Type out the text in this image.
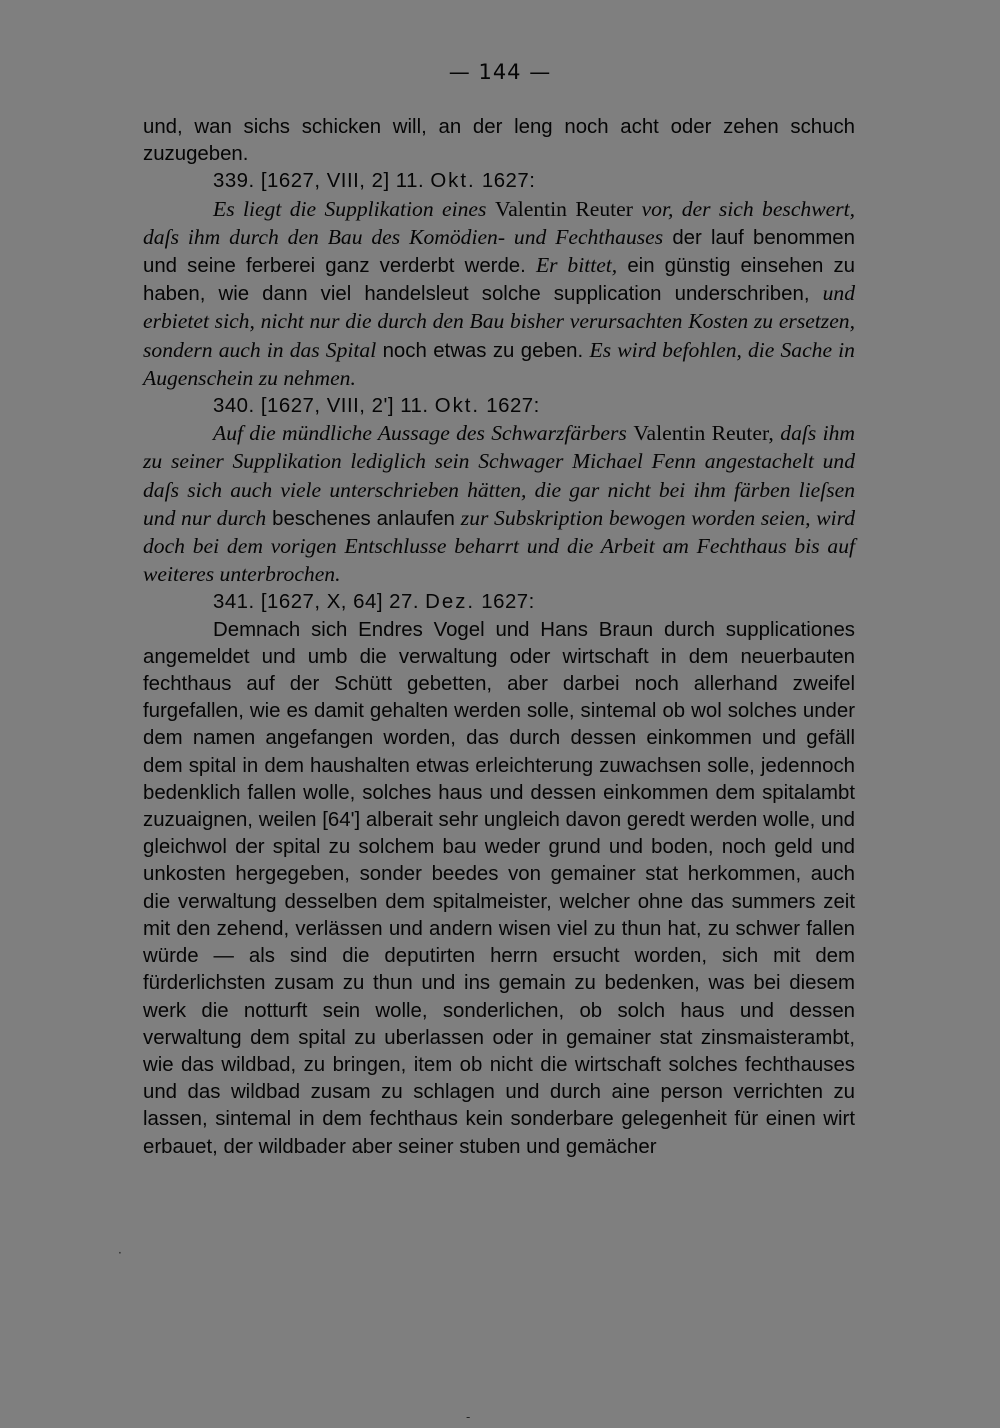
— 144 —

und, wan sichs schicken will, an der leng noch acht oder zehen schuch zuzugeben.

339. [1627, VIII, 2] 11. Okt. 1627:

Es liegt die Supplikation eines Valentin Reuter vor, der sich beschwert, daſs ihm durch den Bau des Komödien- und Fechthauses der lauf benommen und seine ferberei ganz verderbt werde. Er bittet, ein günstig einsehen zu haben, wie dann viel handelsleut solche supplication underschriben, und erbietet sich, nicht nur die durch den Bau bisher verursachten Kosten zu ersetzen, sondern auch in das Spital noch etwas zu geben. Es wird befohlen, die Sache in Augenschein zu nehmen.

340. [1627, VIII, 2'] 11. Okt. 1627:

Auf die mündliche Aussage des Schwarzfärbers Valentin Reuter, daſs ihm zu seiner Supplikation lediglich sein Schwager Michael Fenn angestachelt und daſs sich auch viele unterschrieben hätten, die gar nicht bei ihm färben lieſsen und nur durch beschenes anlaufen zur Subskription bewogen worden seien, wird doch bei dem vorigen Entschlusse beharrt und die Arbeit am Fechthaus bis auf weiteres unterbrochen.

341. [1627, X, 64] 27. Dez. 1627:

Demnach sich Endres Vogel und Hans Braun durch supplicationes angemeldet und umb die verwaltung oder wirtschaft in dem neuerbauten fechthaus auf der Schütt gebetten, aber darbei noch allerhand zweifel furgefallen, wie es damit gehalten werden solle, sintemal ob wol solches under dem namen angefangen worden, das durch dessen einkommen und gefäll dem spital in dem haushalten etwas erleichterung zuwachsen solle, jedennoch bedenklich fallen wolle, solches haus und dessen einkommen dem spitalambt zuzuaignen, weilen [64'] alberait sehr ungleich davon geredt werden wolle, und gleichwol der spital zu solchem bau weder grund und boden, noch geld und unkosten hergegeben, sonder beedes von gemainer stat herkommen, auch die verwaltung desselben dem spitalmeister, welcher ohne das summers zeit mit den zehend, verlässen und andern wisen viel zu thun hat, zu schwer fallen würde — als sind die deputirten herrn ersucht worden, sich mit dem fürderlichsten zusam zu thun und ins gemain zu bedenken, was bei diesem werk die notturft sein wolle, sonderlichen, ob solch haus und dessen verwaltung dem spital zu uberlassen oder in gemainer stat zinsmaisterambt, wie das wildbad, zu bringen, item ob nicht die wirtschaft solches fechthauses und das wildbad zusam zu schlagen und durch aine person verrichten zu lassen, sintemal in dem fechthaus kein sonderbare gelegenheit für einen wirt erbauet, der wildbader aber seiner stuben und gemächer

·
-
